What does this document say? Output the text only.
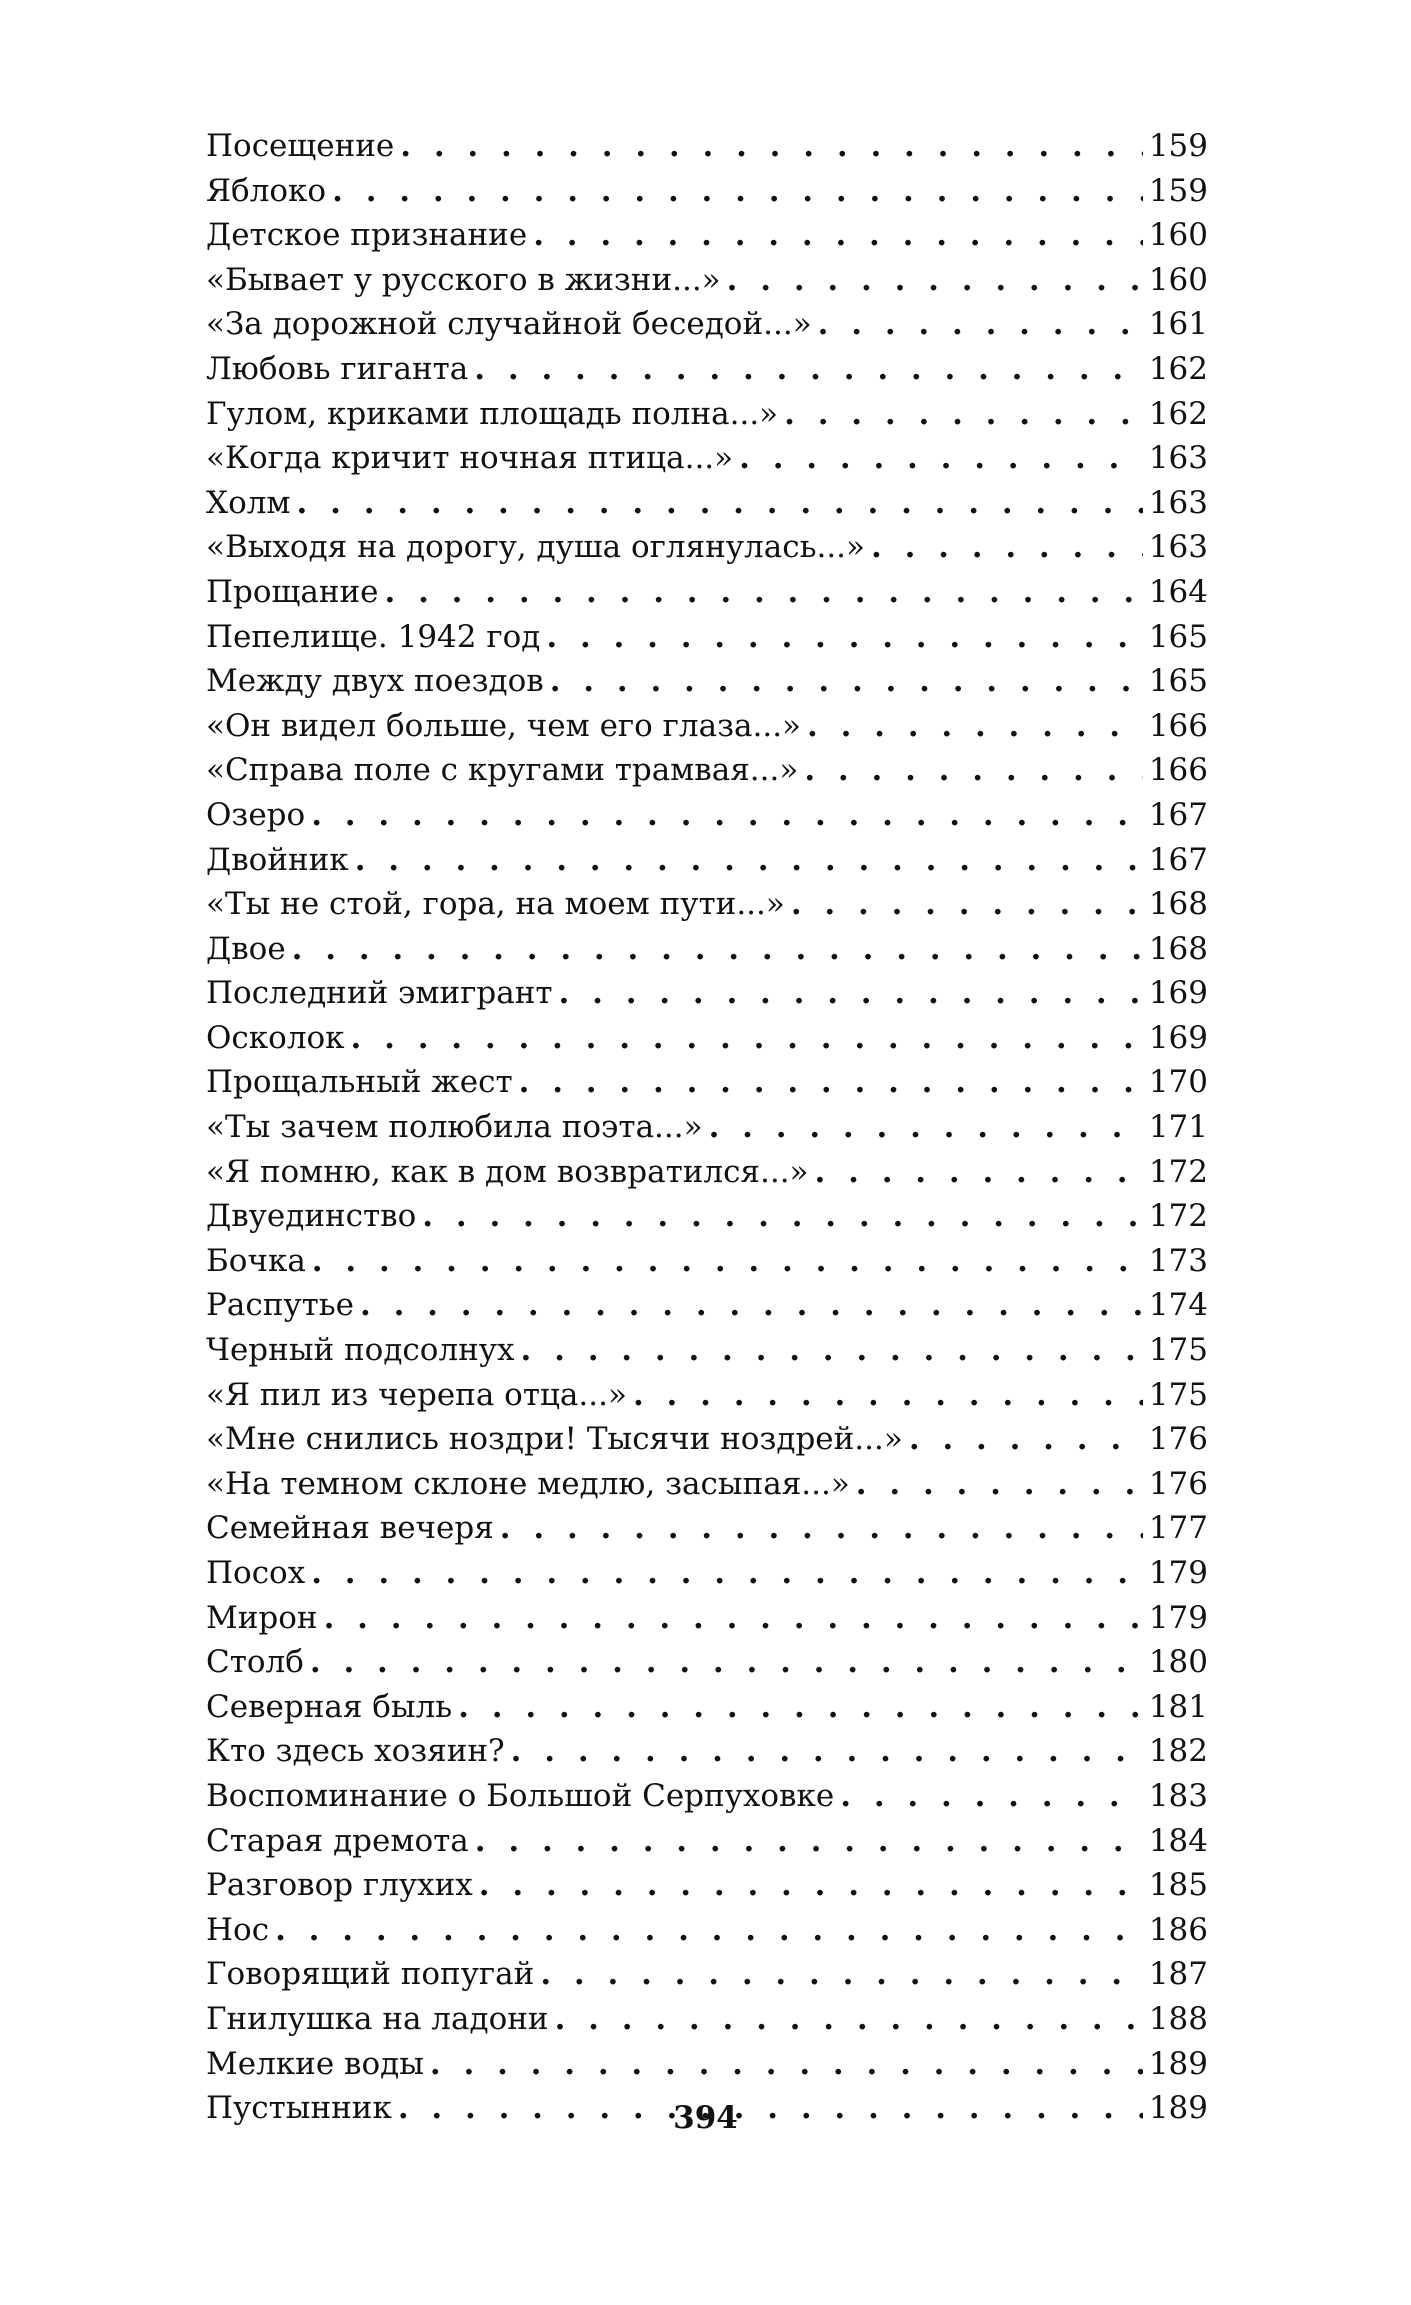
Посещение . . .	159
Яблоко . . .	159
Детское признание . . .	160
«Бывает у русского в жизни...» . . .	160
«За дорожной случайной беседой...» . . .	161
Любовь гиганта . . .	162
Гулом, криками площадь полна...» . . .	162
«Когда кричит ночная птица...» . . .	163
Холм . . .	163
«Выходя на дорогу, душа оглянулась...» . . .	163
Прощание . . .	164
Пепелище. 1942 год . . .	165
Между двух поездов . . .	165
«Он видел больше, чем его глаза...» . . .	166
«Справа поле с кругами трамвая...» . . .	166
Озеро . . .	167
Двойник . . .	167
«Ты не стой, гора, на моем пути...» . . .	168
Двое . . .	168
Последний эмигрант . . .	169
Осколок . . .	169
Прощальный жест . . .	170
«Ты зачем полюбила поэта...» . . .	171
«Я помню, как в дом возвратился...» . . .	172
Двуединство . . .	172
Бочка . . .	173
Распутье . . .	174
Черный подсолнух . . .	175
«Я пил из черепа отца...» . . .	175
«Мне снились ноздри! Тысячи ноздрей...» . . .	176
«На темном склоне медлю, засыпая...» . . .	176
Семейная вечеря . . .	177
Посох . . .	179
Мирон . . .	179
Столб . . .	180
Северная быль . . .	181
Кто здесь хозяин? . . .	182
Воспоминание о Большой Серпуховке . . .	183
Старая дремота . . .	184
Разговор глухих . . .	185
Нос . . .	186
Говорящий попугай . . .	187
Гнилушка на ладони . . .	188
Мелкие воды . . .	189
Пустынник . . .	189
394
